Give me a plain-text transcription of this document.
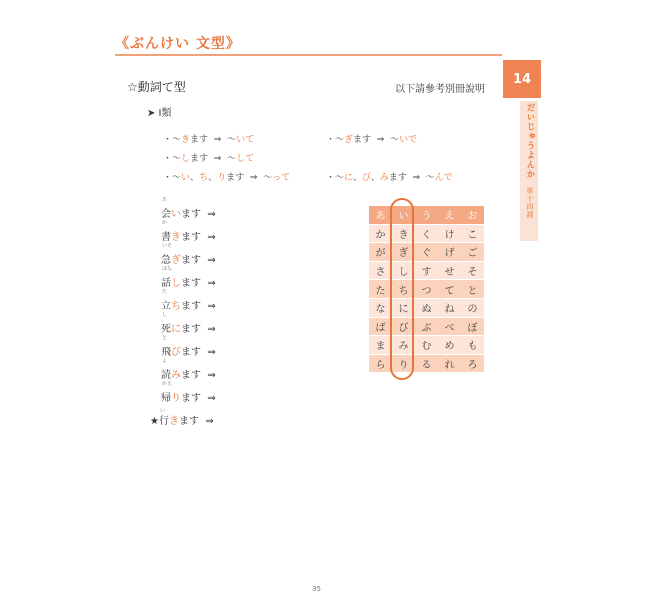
《ぶんけい 文型》
14
だいじゅうよんか 第十四課
☆動詞て型	以下請參考別冊說明
➤ Ⅰ類
・～きます ⇒ ～いて	・～ぎます ⇒ ～いで
・～します ⇒ ～して
・～い、ち、ります ⇒ ～って	・～に、び、みます ⇒ ～んで
あ
会います ⇒
か
書きます ⇒
いそ
急ぎます ⇒
はな
話します ⇒
た
立ちます ⇒
し
死にます ⇒
と
飛びます ⇒
よ
読みます ⇒
かえ
帰ります ⇒
★
い
行きます ⇒
あ	い	う	え	お
か	き	く	け	こ
が	ぎ	ぐ	げ	ご
さ	し	す	せ	そ
た	ち	つ	て	と
な	に	ぬ	ね	の
ば	び	ぶ	べ	ぼ
ま	み	む	め	も
ら	り	る	れ	ろ
35
